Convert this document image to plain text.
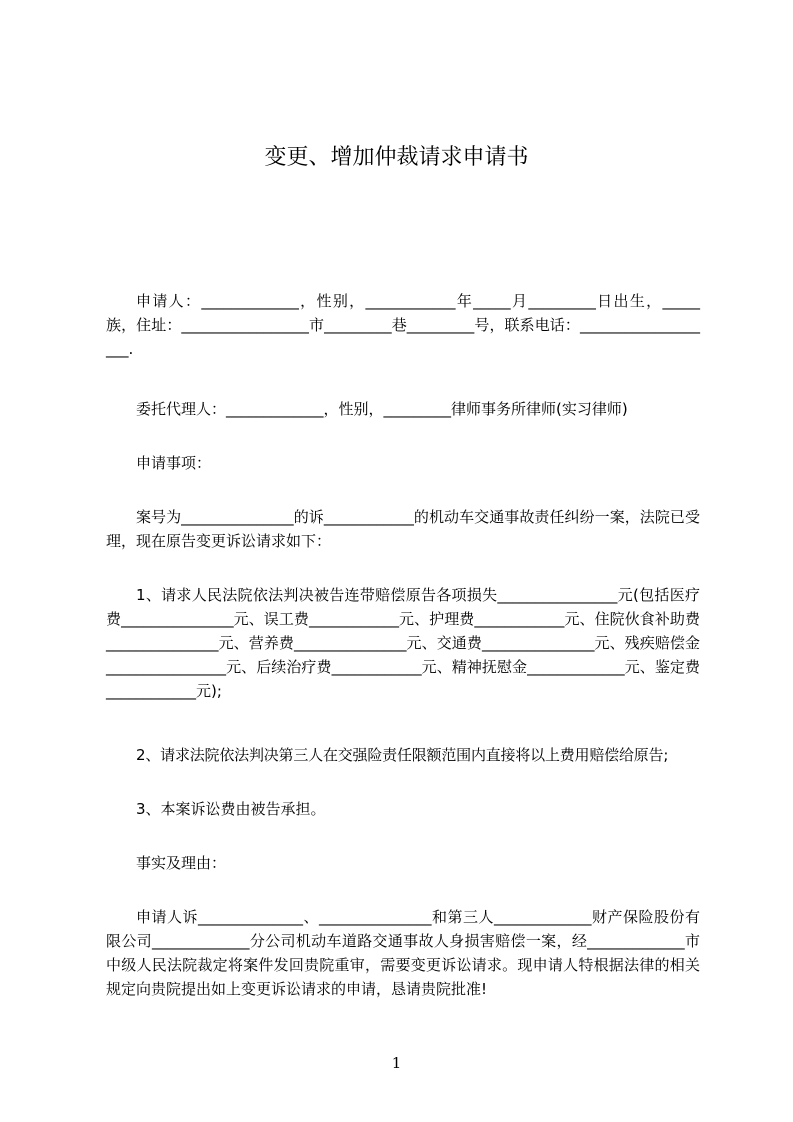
变更、增加仲裁请求申请书

申请人：_____________，性别，____________年_____月_________日出生，_____族，住址：_________________市_________巷_________号，联系电话：___________________.

委托代理人：_____________，性别，_________律师事务所律师(实习律师)

申请事项：

案号为_______________的诉____________的机动车交通事故责任纠纷一案，法院已受理，现在原告变更诉讼请求如下：

1、请求人民法院依法判决被告连带赔偿原告各项损失________________元(包括医疗费_______________元、误工费____________元、护理费____________元、住院伙食补助费_______________元、营养费_______________元、交通费_______________元、残疾赔偿金________________元、后续治疗费____________元、精神抚慰金_____________元、鉴定费____________元);

2、请求法院依法判决第三人在交强险责任限额范围内直接将以上费用赔偿给原告;

3、本案诉讼费由被告承担。

事实及理由：

申请人诉______________、_______________和第三人_____________财产保险股份有限公司_____________分公司机动车道路交通事故人身损害赔偿一案，经_____________市中级人民法院裁定将案件发回贵院重审，需要变更诉讼请求。现申请人特根据法律的相关规定向贵院提出如上变更诉讼请求的申请，恳请贵院批准!

1
